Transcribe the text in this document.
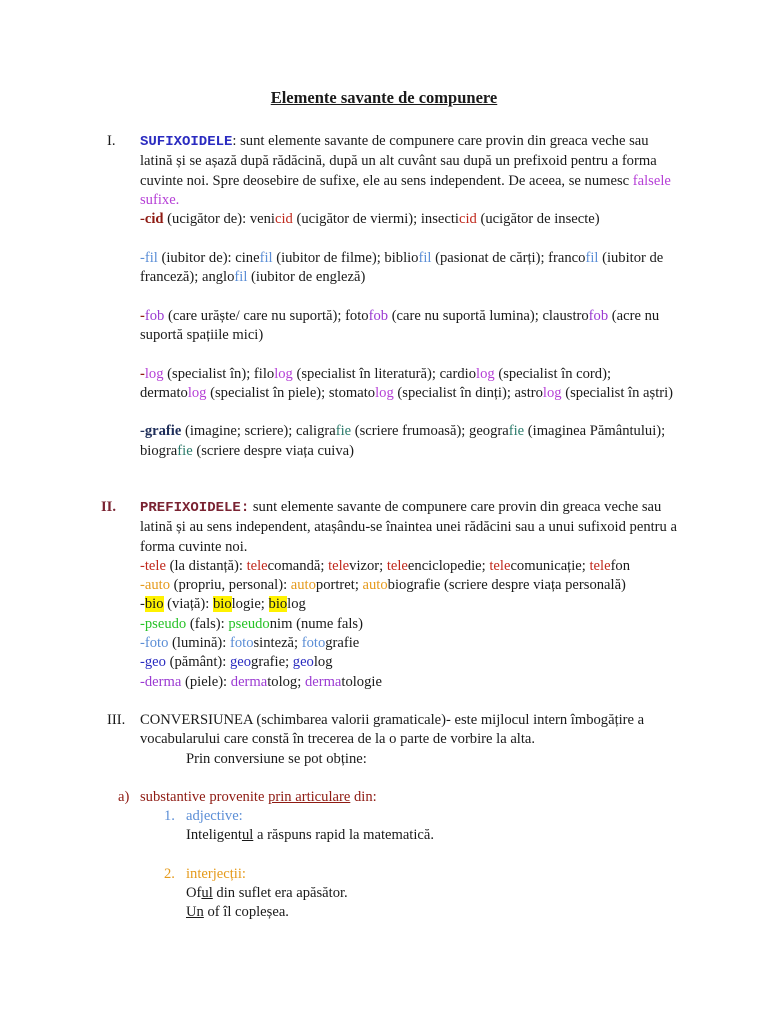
Elemente savante de compunere
I. SUFIXOIDELE: sunt elemente savante de compunere care provin din greaca veche sau latină și se așază după rădăcină, după un alt cuvânt sau după un prefixoid pentru a forma cuvinte noi. Spre deosebire de sufixe, ele au sens independent. De aceea, se numesc falsele sufixe.
-cid (ucigător de): venicid (ucigător de viermi); insecticid (ucigător de insecte)
-fil (iubitor de): cinefil (iubitor de filme); bibliofil (pasionat de cărți); francofil (iubitor de franceză); anglofil (iubitor de engleză)
-fob (care urăște/ care nu suportă); fotofob (care nu suportă lumina); claustrofob (acre nu suportă spațiile mici)
-log (specialist în); filolog (specialist în literatură); cardiolog (specialist în cord); dermatolog (specialist în piele); stomatolog (specialist în dinți); astrolog (specialist în aștri)
-grafie (imagine; scriere); caligrafie (scriere frumoasă); geografie (imaginea Pământului); biografie (scriere despre viața cuiva)
II. PREFIXOIDELE: sunt elemente savante de compunere care provin din greaca veche sau latină și au sens independent, atașându-se înaintea unei rădăcini sau a unui sufixoid pentru a forma cuvinte noi.
-tele (la distanță): telecomandă; televizor; teleenciclopedie; telecomunicație; telefon
-auto (propriu, personal): autoportret; autobiografie (scriere despre viața personală)
-bio (viață): biologie; biolog
-pseudo (fals): pseudonim (nume fals)
-foto (lumină): fotosinteză; fotografie
-geo (pământ): geografie; geolog
-derma (piele): dermatolog; dermatologie
III. CONVERSIUNEA (schimbarea valorii gramaticale)- este mijlocul intern îmbogățire a vocabularului care constă în trecerea de la o parte de vorbire la alta.
Prin conversiune se pot obține:
a) substantive provenite prin articulare din:
1. adjective:
Inteligentul a răspuns rapid la matematică.
2. interjecții:
Oful din suflet era apăsător.
Un of îl copleșea.
